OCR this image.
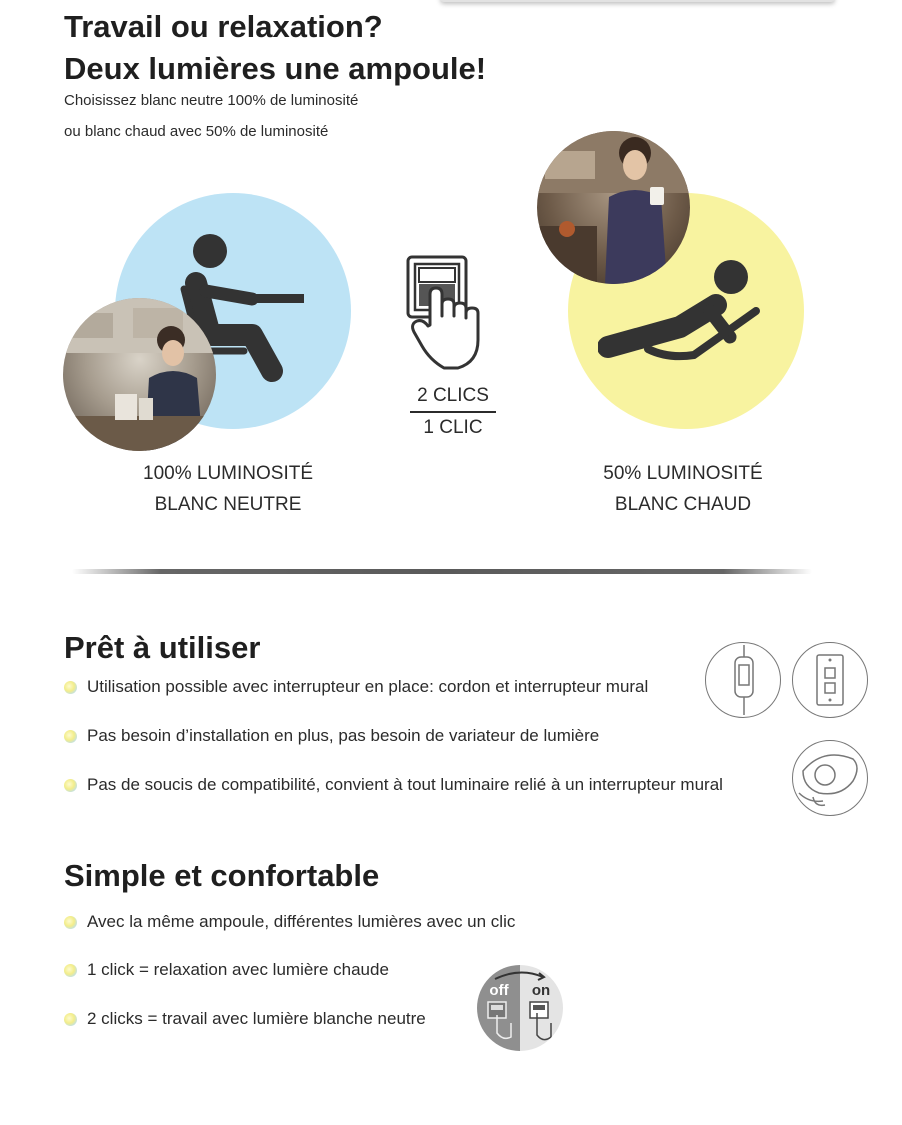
Travail ou relaxation?
Deux lumières une ampoule!
Choisissez blanc neutre 100% de luminosité
ou blanc chaud avec 50% de luminosité
100% LUMINOSITÉ
BLANC NEUTRE
2 CLICS
1 CLIC
50% LUMINOSITÉ
BLANC CHAUD
Prêt à utiliser
Utilisation possible avec interrupteur en place: cordon et interrupteur mural
Pas besoin d’installation en plus, pas besoin de variateur de lumière
Pas de soucis de compatibilité, convient à tout luminaire relié à un interrupteur mural
Simple et confortable
Avec la même ampoule, différentes lumières avec un clic
1 click = relaxation avec lumière chaude
2 clicks = travail avec lumière blanche neutre
off	on
